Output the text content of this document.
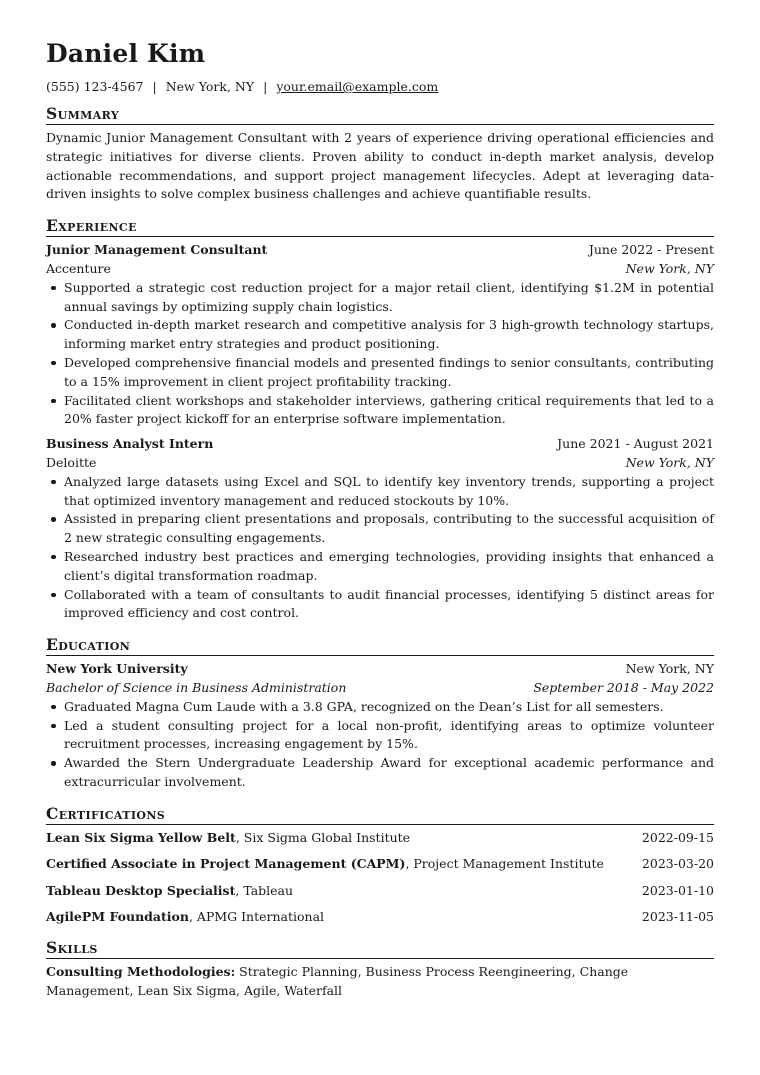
Daniel Kim
(555) 123-4567 | New York, NY | your.email@example.com
Summary
Dynamic Junior Management Consultant with 2 years of experience driving operational efficiencies and strategic initiatives for diverse clients. Proven ability to conduct in-depth market analysis, develop actionable recommendations, and support project management lifecycles. Adept at leveraging data-driven insights to solve complex business challenges and achieve quantifiable results.
Experience
Junior Management Consultant	June 2022 - Present
Accenture	New York, NY
Supported a strategic cost reduction project for a major retail client, identifying $1.2M in potential annual savings by optimizing supply chain logistics.
Conducted in-depth market research and competitive analysis for 3 high-growth technology startups, informing market entry strategies and product positioning.
Developed comprehensive financial models and presented findings to senior consultants, contributing to a 15% improvement in client project profitability tracking.
Facilitated client workshops and stakeholder interviews, gathering critical requirements that led to a 20% faster project kickoff for an enterprise software implementation.
Business Analyst Intern	June 2021 - August 2021
Deloitte	New York, NY
Analyzed large datasets using Excel and SQL to identify key inventory trends, supporting a project that optimized inventory management and reduced stockouts by 10%.
Assisted in preparing client presentations and proposals, contributing to the successful acquisition of 2 new strategic consulting engagements.
Researched industry best practices and emerging technologies, providing insights that enhanced a client’s digital transformation roadmap.
Collaborated with a team of consultants to audit financial processes, identifying 5 distinct areas for improved efficiency and cost control.
Education
New York University	New York, NY
Bachelor of Science in Business Administration	September 2018 - May 2022
Graduated Magna Cum Laude with a 3.8 GPA, recognized on the Dean’s List for all semesters.
Led a student consulting project for a local non-profit, identifying areas to optimize volunteer recruitment processes, increasing engagement by 15%.
Awarded the Stern Undergraduate Leadership Award for exceptional academic performance and extracurricular involvement.
Certifications
Lean Six Sigma Yellow Belt, Six Sigma Global Institute	2022-09-15
Certified Associate in Project Management (CAPM), Project Management Institute	2023-03-20
Tableau Desktop Specialist, Tableau	2023-01-10
AgilePM Foundation, APMG International	2023-11-05
Skills
Consulting Methodologies: Strategic Planning, Business Process Reengineering, Change Management, Lean Six Sigma, Agile, Waterfall
